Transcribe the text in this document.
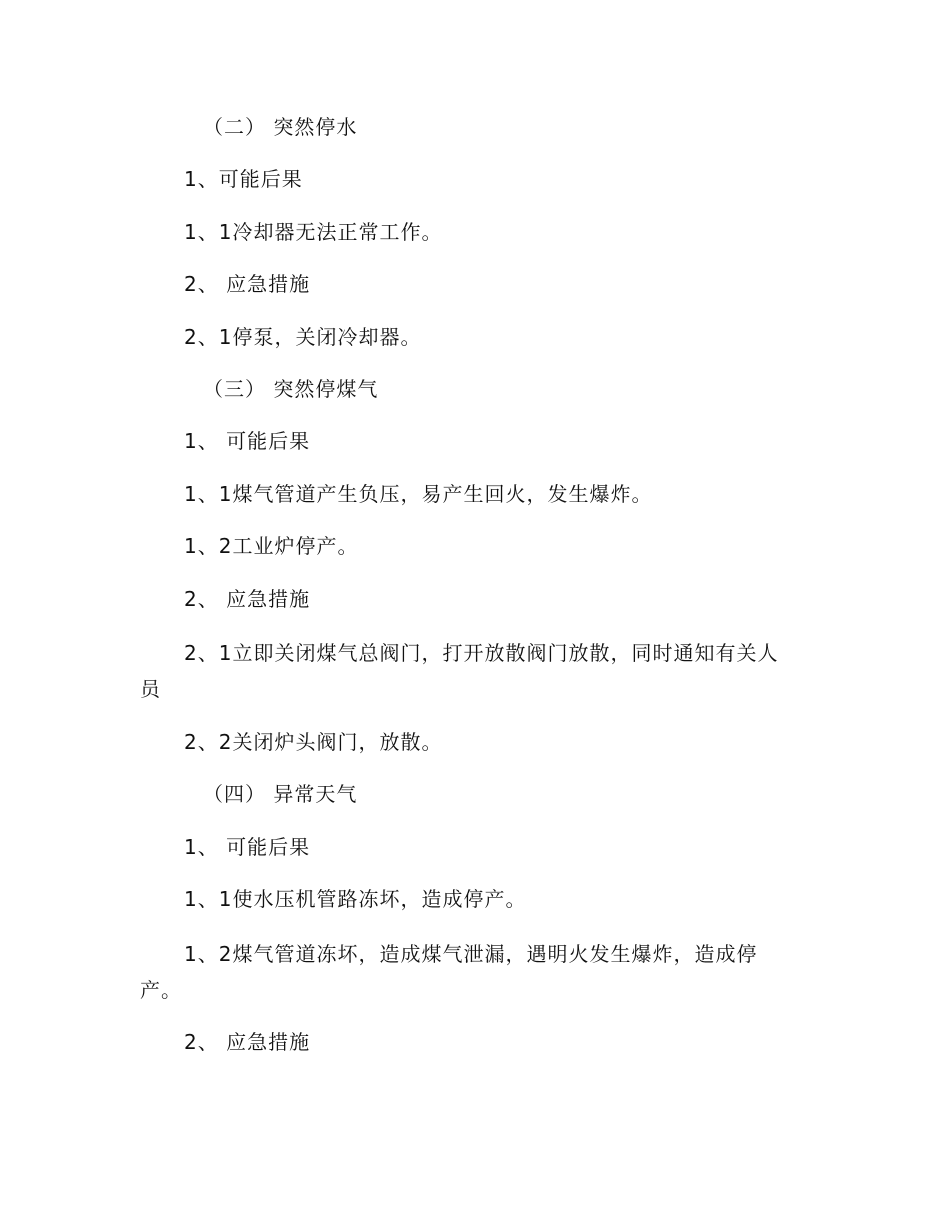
（二） 突然停水
1、可能后果
1、1冷却器无法正常工作。
2、 应急措施
2、1停泵，关闭冷却器。
（三） 突然停煤气
1、 可能后果
1、1煤气管道产生负压，易产生回火，发生爆炸。
1、2工业炉停产。
2、 应急措施
2、1立即关闭煤气总阀门，打开放散阀门放散，同时通知有关人
员
2、2关闭炉头阀门，放散。
（四） 异常天气
1、 可能后果
1、1使水压机管路冻坏，造成停产。
1、2煤气管道冻坏，造成煤气泄漏，遇明火发生爆炸，造成停
产。
2、 应急措施
